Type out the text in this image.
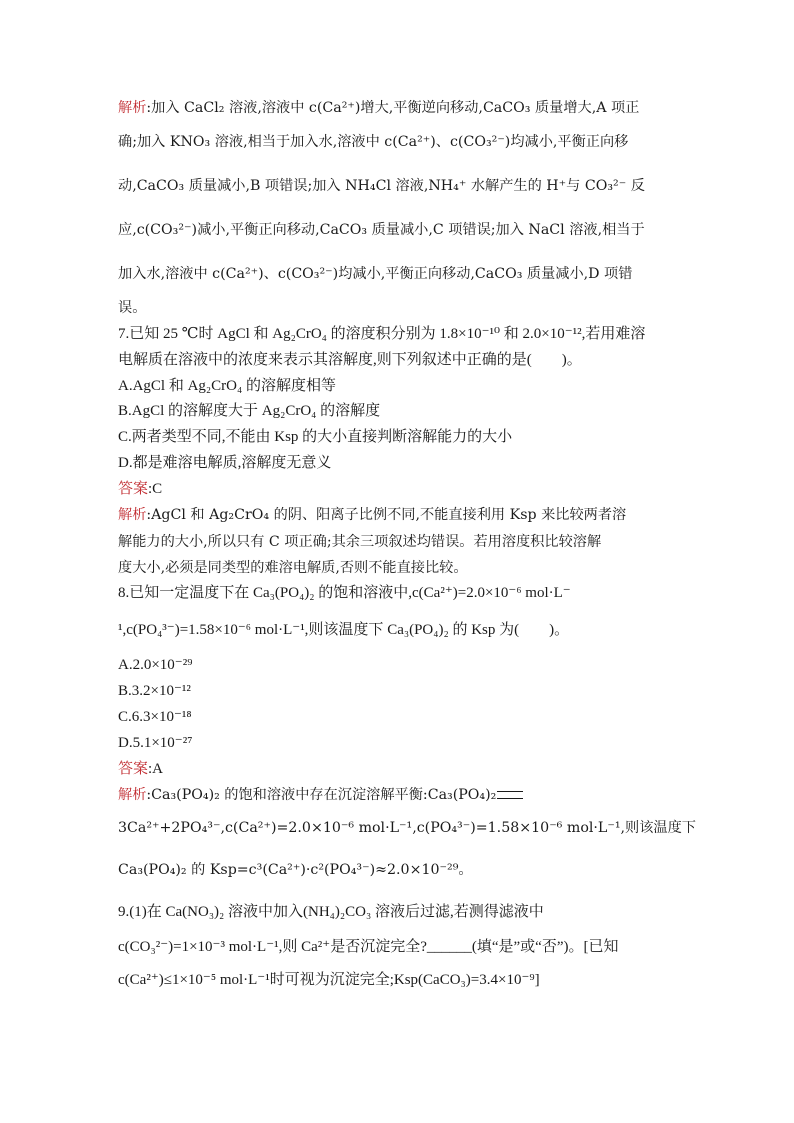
解析:加入 CaCl₂ 溶液,溶液中 c(Ca²⁺)增大,平衡逆向移动,CaCO₃ 质量增大,A 项正
确;加入 KNO₃ 溶液,相当于加入水,溶液中 c(Ca²⁺)、c(CO₃²⁻)均减小,平衡正向移
动,CaCO₃ 质量减小,B 项错误;加入 NH₄Cl 溶液,NH₄⁺ 水解产生的 H⁺与 CO₃²⁻ 反
应,c(CO₃²⁻)减小,平衡正向移动,CaCO₃ 质量减小,C 项错误;加入 NaCl 溶液,相当于
加入水,溶液中 c(Ca²⁺)、c(CO₃²⁻)均减小,平衡正向移动,CaCO₃ 质量减小,D 项错
误。
7.已知 25 ℃时 AgCl 和 Ag₂CrO₄ 的溶度积分别为 1.8×10⁻¹⁰ 和 2.0×10⁻¹²,若用难溶
电解质在溶液中的浓度来表示其溶解度,则下列叙述中正确的是(　　)。
A.AgCl 和 Ag₂CrO₄ 的溶解度相等
B.AgCl 的溶解度大于 Ag₂CrO₄ 的溶解度
C.两者类型不同,不能由 Ksp 的大小直接判断溶解能力的大小
D.都是难溶电解质,溶解度无意义
答案:C
解析:AgCl 和 Ag₂CrO₄ 的阴、阳离子比例不同,不能直接利用 Ksp 来比较两者溶
解能力的大小,所以只有 C 项正确;其余三项叙述均错误。若用溶度积比较溶解
度大小,必须是同类型的难溶电解质,否则不能直接比较。
8.已知一定温度下在 Ca₃(PO₄)₂ 的饱和溶液中,c(Ca²⁺)=2.0×10⁻⁶ mol·L⁻
¹,c(PO₄³⁻)=1.58×10⁻⁶ mol·L⁻¹,则该温度下 Ca₃(PO₄)₂ 的 Ksp 为(　　)。
A.2.0×10⁻²⁹
B.3.2×10⁻¹²
C.6.3×10⁻¹⁸
D.5.1×10⁻²⁷
答案:A
解析:Ca₃(PO₄)₂ 的饱和溶液中存在沉淀溶解平衡:Ca₃(PO₄)₂
3Ca²⁺+2PO₄³⁻,c(Ca²⁺)=2.0×10⁻⁶ mol·L⁻¹,c(PO₄³⁻)=1.58×10⁻⁶ mol·L⁻¹,则该温度下
Ca₃(PO₄)₂ 的 Ksp=c³(Ca²⁺)·c²(PO₄³⁻)≈2.0×10⁻²⁹。
9.(1)在 Ca(NO₃)₂ 溶液中加入(NH₄)₂CO₃ 溶液后过滤,若测得滤液中
c(CO₃²⁻)=1×10⁻³ mol·L⁻¹,则 Ca²⁺是否沉淀完全?______(填“是”或“否”)。[已知
c(Ca²⁺)≤1×10⁻⁵ mol·L⁻¹时可视为沉淀完全;Ksp(CaCO₃)=3.4×10⁻⁹]
